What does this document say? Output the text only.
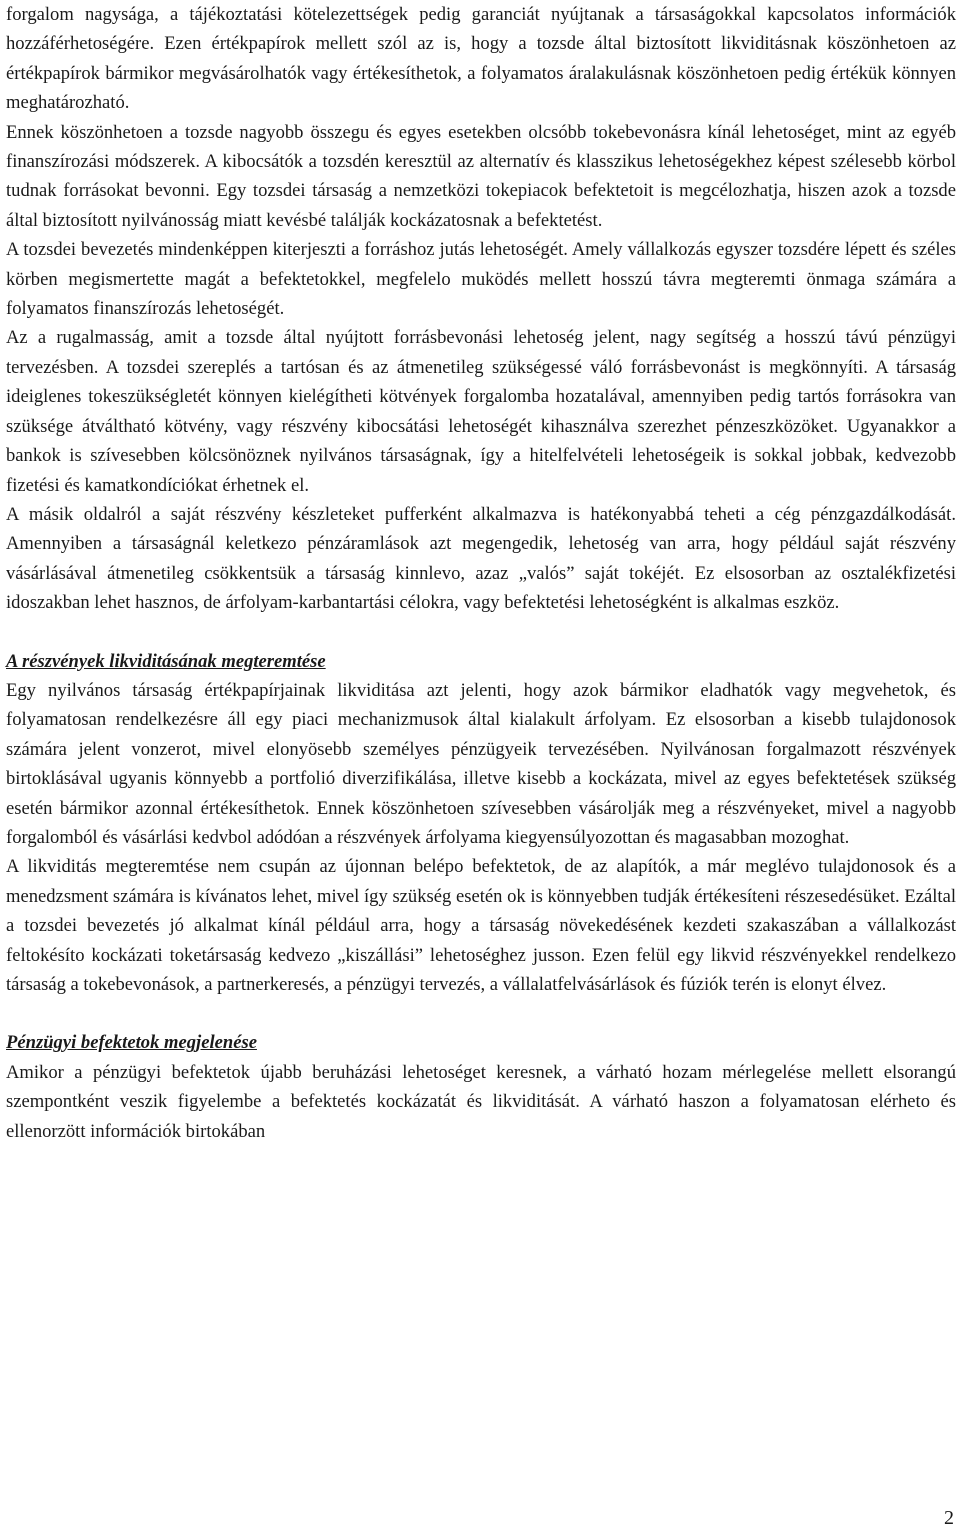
forgalom nagysága, a tájékoztatási kötelezettségek pedig garanciát nyújtanak a társaságokkal kapcsolatos információk hozzáférhetoségére. Ezen értékpapírok mellett szól az is, hogy a tozsde által biztosított likviditásnak köszönhetoen az értékpapírok bármikor megvásárolhatók vagy értékesíthetok, a folyamatos áralakulásnak köszönhetoen pedig értékük könnyen meghatározható.

Ennek köszönhetoen a tozsde nagyobb összegu és egyes esetekben olcsóbb tokebevonásra kínál lehetoséget, mint az egyéb finanszírozási módszerek. A kibocsátók a tozsdén keresztül az alternatív és klasszikus lehetoségekhez képest szélesebb körbol tudnak forrásokat bevonni. Egy tozsdei társaság a nemzetközi tokepiacok befektetoit is megcélozhatja, hiszen azok a tozsde által biztosított nyilvánosság miatt kevésbé találják kockázatosnak a befektetést.

A tozsdei bevezetés mindenképpen kiterjeszti a forráshoz jutás lehetoségét. Amely vállalkozás egyszer tozsdére lépett és széles körben megismertette magát a befektetokkel, megfelelo muködés mellett hosszú távra megteremti önmaga számára a folyamatos finanszírozás lehetoségét.

Az a rugalmasság, amit a tozsde által nyújtott forrásbevonási lehetoség jelent, nagy segítség a hosszú távú pénzügyi tervezésben. A tozsdei szereplés a tartósan és az átmenetileg szükségessé váló forrásbevonást is megkönnyíti. A társaság ideiglenes tokeszükségletét könnyen kielégítheti kötvények forgalomba hozatalával, amennyiben pedig tartós forrásokra van szüksége átváltható kötvény, vagy részvény kibocsátási lehetoségét kihasználva szerezhet pénzeszközöket. Ugyanakkor a bankok is szívesebben kölcsönöznek nyilvános társaságnak, így a hitelfelvételi lehetoségeik is sokkal jobbak, kedvezobb fizetési és kamatkondíciókat érhetnek el.

A másik oldalról a saját részvény készleteket pufferként alkalmazva is hatékonyabbá teheti a cég pénzgazdálkodását. Amennyiben a társaságnál keletkezo pénzáramlások azt megengedik, lehetoség van arra, hogy például saját részvény vásárlásával átmenetileg csökkentsük a társaság kinnlevo, azaz „valós” saját tokéjét. Ez elsosorban az osztalékfizetési idoszakban lehet hasznos, de árfolyam-karbantartási célokra, vagy befektetési lehetoségként is alkalmas eszköz.

A részvények likviditásának megteremtése

Egy nyilvános társaság értékpapírjainak likviditása azt jelenti, hogy azok bármikor eladhatók vagy megvehetok, és folyamatosan rendelkezésre áll egy piaci mechanizmusok által kialakult árfolyam. Ez elsosorban a kisebb tulajdonosok számára jelent vonzerot, mivel elonyösebb személyes pénzügyeik tervezésében. Nyilvánosan forgalmazott részvények birtoklásával ugyanis könnyebb a portfolió diverzifikálása, illetve kisebb a kockázata, mivel az egyes befektetések szükség esetén bármikor azonnal értékesíthetok. Ennek köszönhetoen szívesebben vásárolják meg a részvényeket, mivel a nagyobb forgalomból és vásárlási kedvbol adódóan a részvények árfolyama kiegyensúlyozottan és magasabban mozoghat.

A likviditás megteremtése nem csupán az újonnan belépo befektetok, de az alapítók, a már meglévo tulajdonosok és a menedzsment számára is kívánatos lehet, mivel így szükség esetén ok is könnyebben tudják értékesíteni részesedésüket. Ezáltal a tozsdei bevezetés jó alkalmat kínál például arra, hogy a társaság növekedésének kezdeti szakaszában a vállalkozást feltokésíto kockázati toketársaság kedvezo „kiszállási” lehetoséghez jusson. Ezen felül egy likvid részvényekkel rendelkezo társaság a tokebevonások, a partnerkeresés, a pénzügyi tervezés, a vállalatfelvásárlások és fúziók terén is elonyt élvez.

Pénzügyi befektetok megjelenése

Amikor a pénzügyi befektetok újabb beruházási lehetoséget keresnek, a várható hozam mérlegelése mellett elsorangú szempontként veszik figyelembe a befektetés kockázatát és likviditását. A várható haszon a folyamatosan elérheto és ellenorzött információk birtokában

2
